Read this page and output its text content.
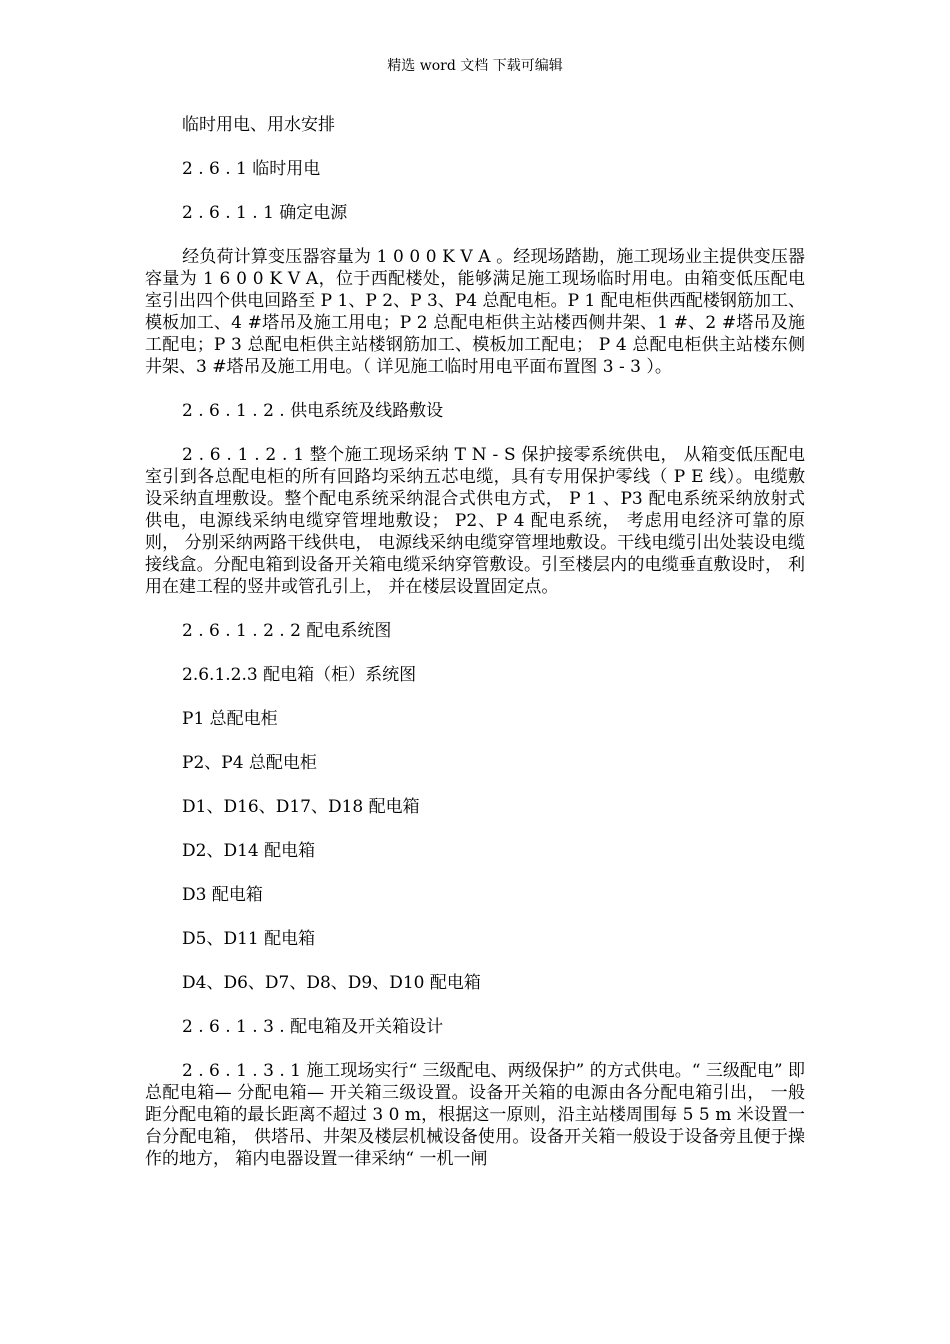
精选 word 文档 下载可编辑
临时用电、用水安排
2 . 6 . 1 临时用电
2 . 6 . 1 . 1 确定电源
经负荷计算变压器容量为 1 0 0 0 K V A 。经现场踏勘，施工现场业主提供变压器容量为 1 6 0 0 K V A，位于西配楼处，能够满足施工现场临时用电。由箱变低压配电室引出四个供电回路至 P 1、P 2、P 3、P4 总配电柜。P 1 配电柜供西配楼钢筋加工、模板加工、4 #塔吊及施工用电；P 2 总配电柜供主站楼西侧井架、1 #、2 #塔吊及施工配电；P 3 总配电柜供主站楼钢筋加工、模板加工配电； P 4 总配电柜供主站楼东侧井架、3 #塔吊及施工用电。（ 详见施工临时用电平面布置图 3 - 3 ）。
2 . 6 . 1 . 2 . 供电系统及线路敷设
2 . 6 . 1 . 2 . 1 整个施工现场采纳 T N - S 保护接零系统供电， 从箱变低压配电室引到各总配电柜的所有回路均采纳五芯电缆，具有专用保护零线（ P E 线）。电缆敷设采纳直埋敷设。整个配电系统采纳混合式供电方式， P 1 、P3 配电系统采纳放射式供电，电源线采纳电缆穿管埋地敷设； P2、P 4 配电系统， 考虑用电经济可靠的原则， 分别采纳两路干线供电， 电源线采纳电缆穿管埋地敷设。干线电缆引出处装设电缆接线盒。分配电箱到设备开关箱电缆采纳穿管敷设。引至楼层内的电缆垂直敷设时， 利用在建工程的竖井或管孔引上， 并在楼层设置固定点。
2 . 6 . 1 . 2 . 2 配电系统图
2.6.1.2.3 配电箱（柜）系统图
P1 总配电柜
P2、P4 总配电柜
D1、D16、D17、D18 配电箱
D2、D14 配电箱
D3 配电箱
D5、D11 配电箱
D4、D6、D7、D8、D9、D10 配电箱
2 . 6 . 1 . 3 . 配电箱及开关箱设计
2 . 6 . 1 . 3 . 1 施工现场实行“ 三级配电、两级保护” 的方式供电。“ 三级配电” 即总配电箱— 分配电箱— 开关箱三级设置。设备开关箱的电源由各分配电箱引出， 一般距分配电箱的最长距离不超过 3 0 m，根据这一原则，沿主站楼周围每 5 5 m 米设置一台分配电箱， 供塔吊、井架及楼层机械设备使用。设备开关箱一般设于设备旁且便于操作的地方， 箱内电器设置一律采纳“ 一机一闸
